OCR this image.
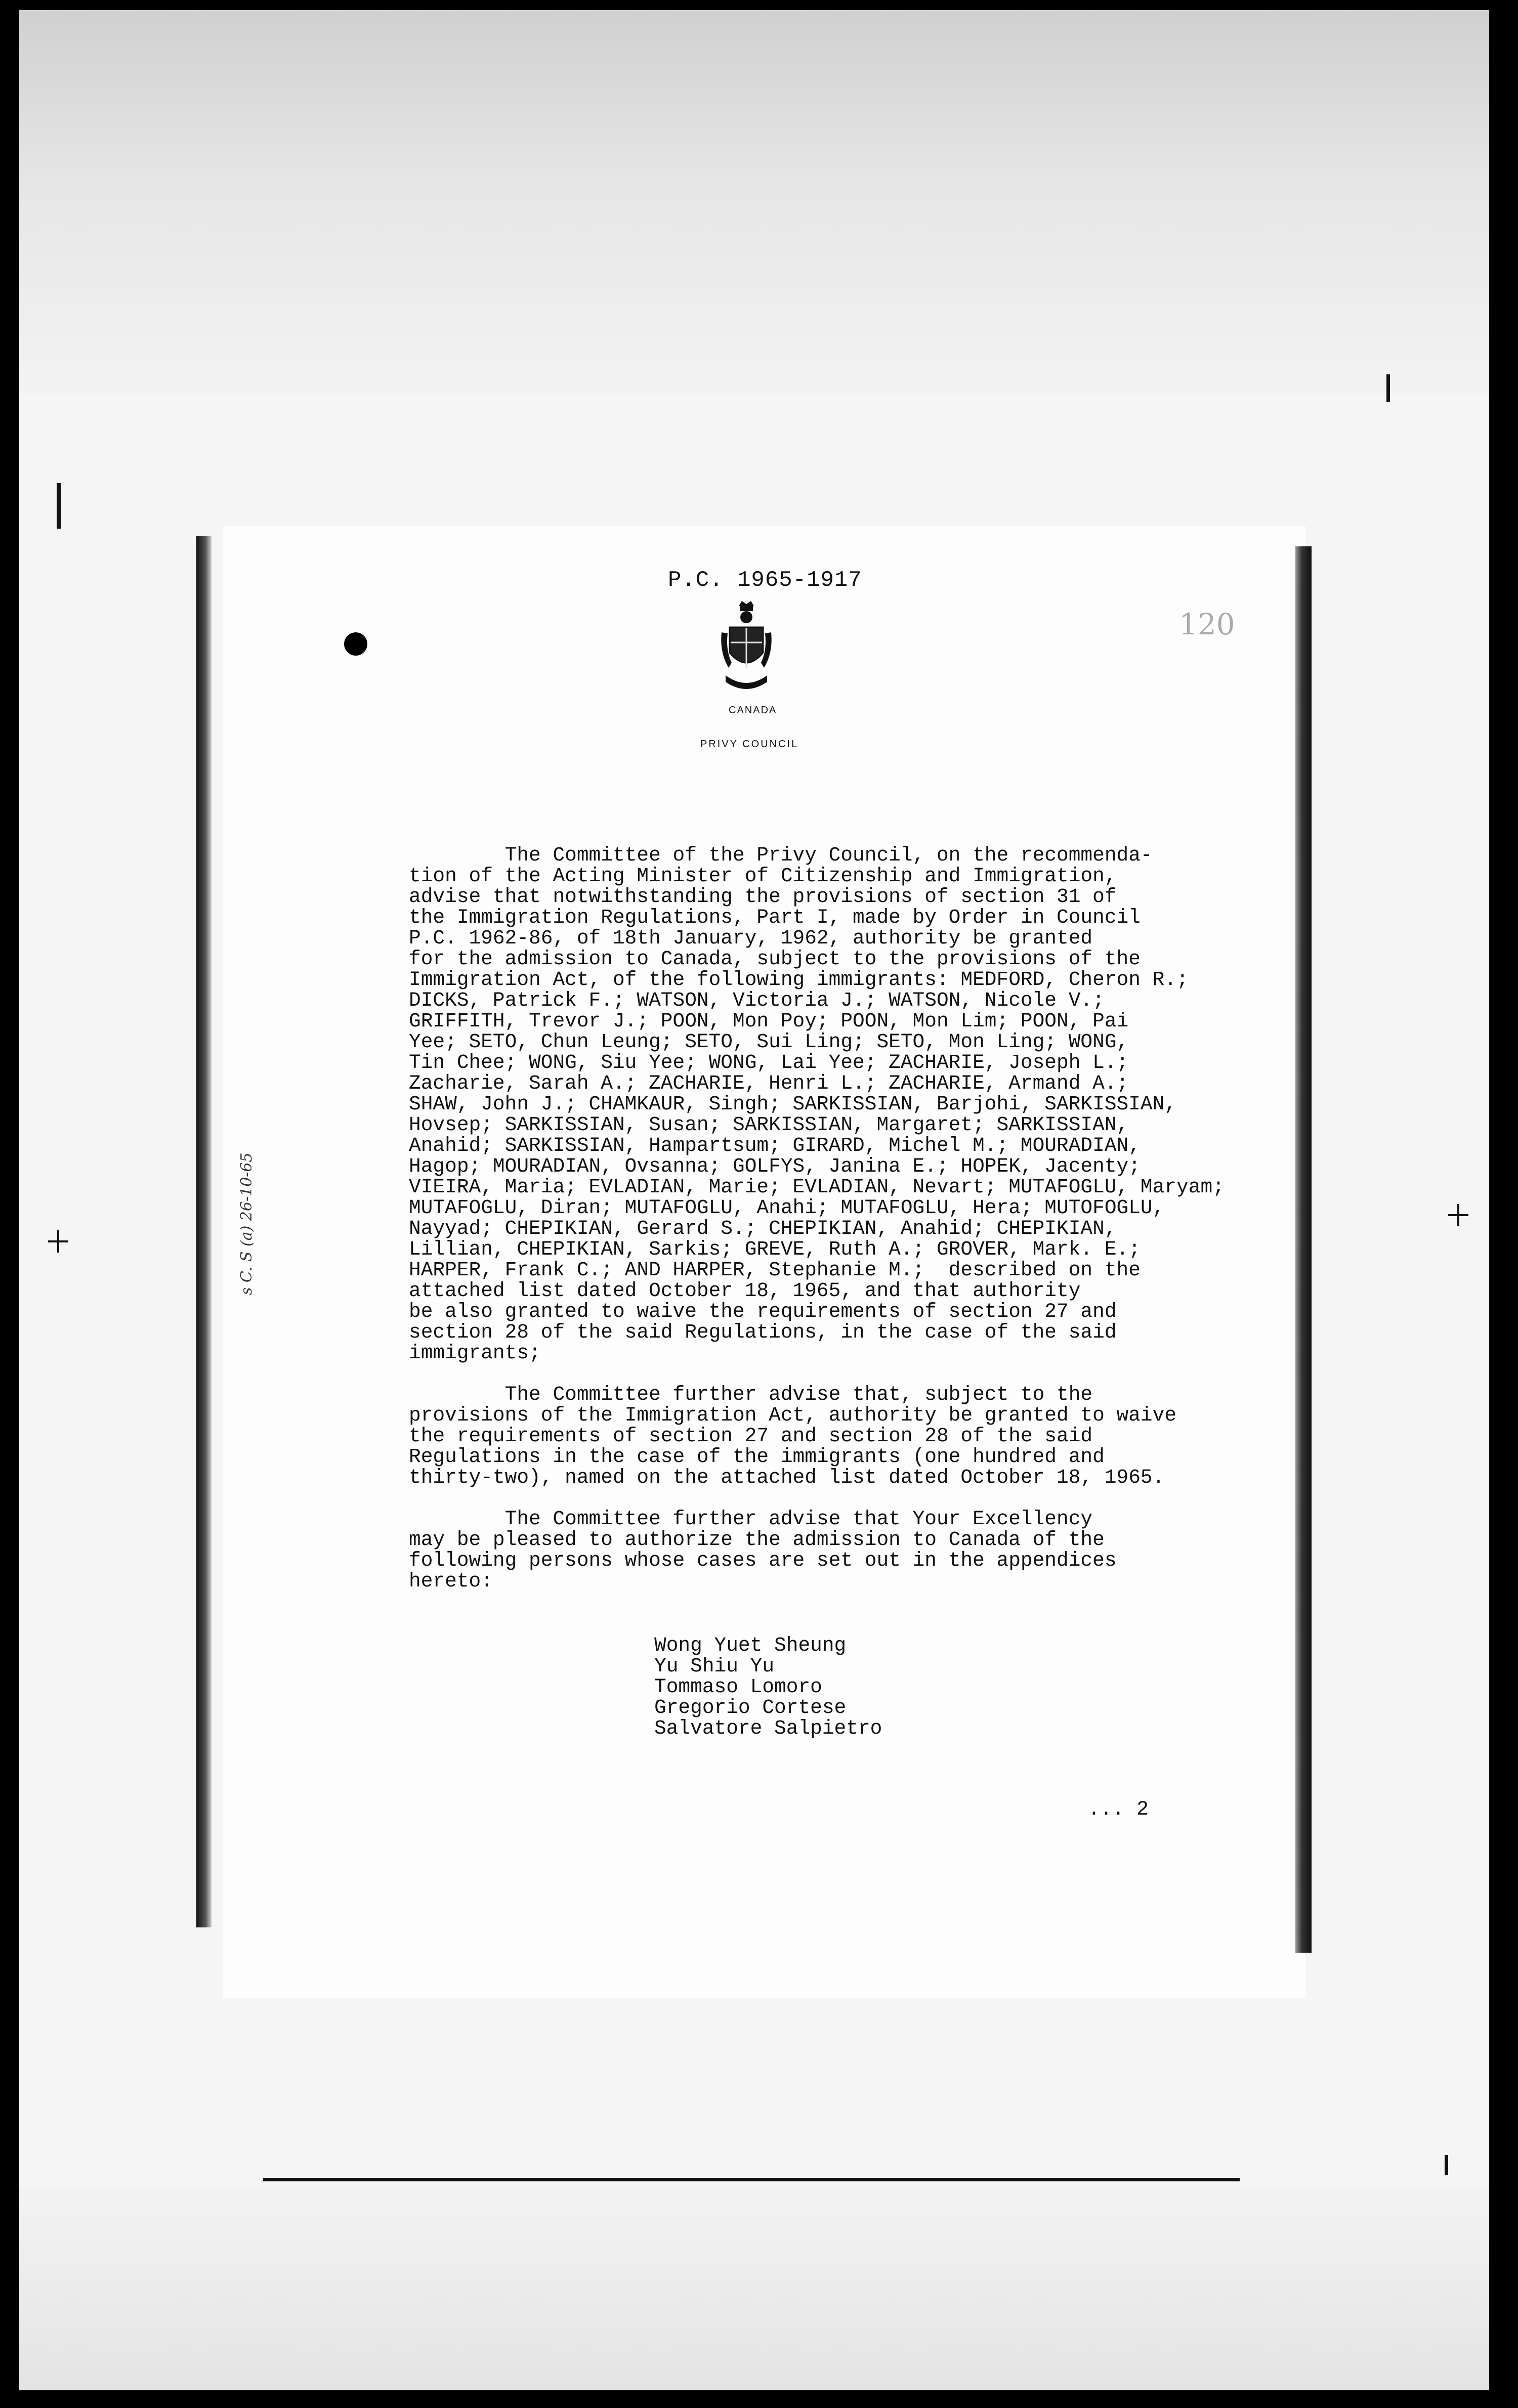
120
s C. S (a) 26-10-65
P.C. 1965-1917
CANADA
PRIVY COUNCIL

The Committee of the Privy Council, on the recommenda-
tion of the Acting Minister of Citizenship and Immigration,
advise that notwithstanding the provisions of section 31 of
the Immigration Regulations, Part I, made by Order in Council
P.C. 1962-86, of 18th January, 1962, authority be granted
for the admission to Canada, subject to the provisions of the
Immigration Act, of the following immigrants: MEDFORD, Cheron R.;
DICKS, Patrick F.; WATSON, Victoria J.; WATSON, Nicole V.;
GRIFFITH, Trevor J.; POON, Mon Poy; POON, Mon Lim; POON, Pai
Yee; SETO, Chun Leung; SETO, Sui Ling; SETO, Mon Ling; WONG,
Tin Chee; WONG, Siu Yee; WONG, Lai Yee; ZACHARIE, Joseph L.;
Zacharie, Sarah A.; ZACHARIE, Henri L.; ZACHARIE, Armand A.;
SHAW, John J.; CHAMKAUR, Singh; SARKISSIAN, Barjohi, SARKISSIAN,
Hovsep; SARKISSIAN, Susan; SARKISSIAN, Margaret; SARKISSIAN,
Anahid; SARKISSIAN, Hampartsum; GIRARD, Michel M.; MOURADIAN,
Hagop; MOURADIAN, Ovsanna; GOLFYS, Janina E.; HOPEK, Jacenty;
VIEIRA, Maria; EVLADIAN, Marie; EVLADIAN, Nevart; MUTAFOGLU, Maryam;
MUTAFOGLU, Diran; MUTAFOGLU, Anahi; MUTAFOGLU, Hera; MUTOFOGLU,
Nayyad; CHEPIKIAN, Gerard S.; CHEPIKIAN, Anahid; CHEPIKIAN,
Lillian, CHEPIKIAN, Sarkis; GREVE, Ruth A.; GROVER, Mark. E.;
HARPER, Frank C.; AND HARPER, Stephanie M.;  described on the
attached list dated October 18, 1965, and that authority
be also granted to waive the requirements of section 27 and
section 28 of the said Regulations, in the case of the said
immigrants;

The Committee further advise that, subject to the
provisions of the Immigration Act, authority be granted to waive
the requirements of section 27 and section 28 of the said
Regulations in the case of the immigrants (one hundred and
thirty-two), named on the attached list dated October 18, 1965.

The Committee further advise that Your Excellency
may be pleased to authorize the admission to Canada of the
following persons whose cases are set out in the appendices
hereto:

Wong Yuet Sheung
Yu Shiu Yu
Tommaso Lomoro
Gregorio Cortese
Salvatore Salpietro
... 2
